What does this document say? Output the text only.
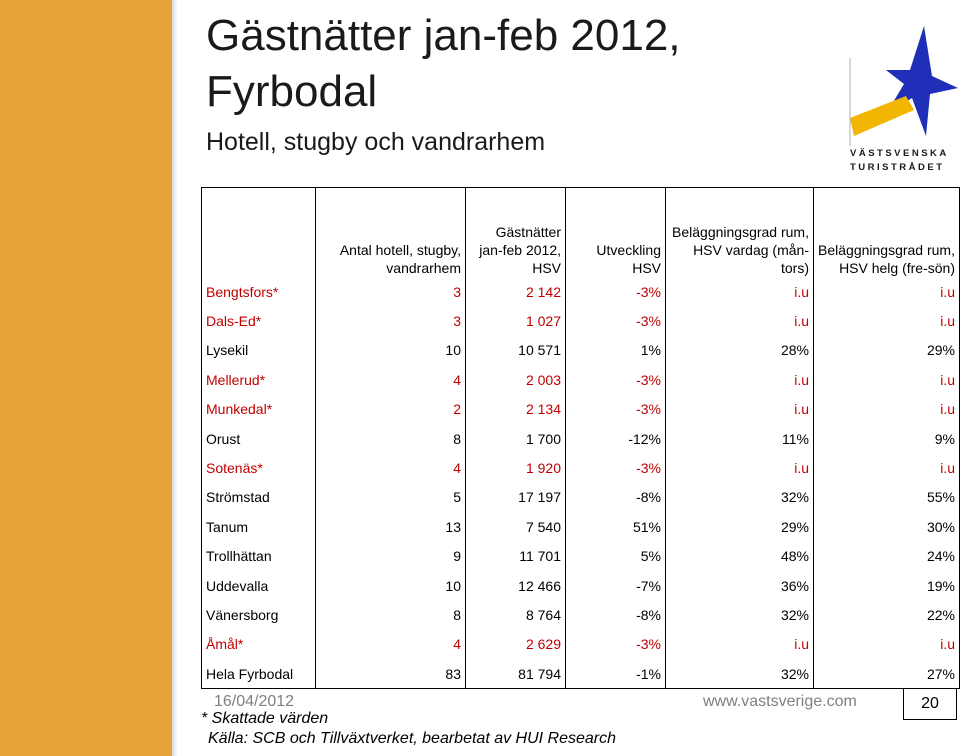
Gästnätter jan-feb 2012, Fyrbodal
Hotell, stugby och vandrarhem	VÄSTSVENSKA
TURISTRÅDET
	Antal hotell, stugby, vandrarhem	Gästnätter jan-feb 2012, HSV	Utveckling HSV	Beläggningsgrad rum, HSV vardag (mån-tors)	Beläggningsgrad rum, HSV helg (fre-sön)
Bengtsfors*	3	2 142	-3%	i.u	i.u
Dals-Ed*	3	1 027	-3%	i.u	i.u
Lysekil	10	10 571	1%	28%	29%
Mellerud*	4	2 003	-3%	i.u	i.u
Munkedal*	2	2 134	-3%	i.u	i.u
Orust	8	1 700	-12%	11%	9%
Sotenäs*	4	1 920	-3%	i.u	i.u
Strömstad	5	17 197	-8%	32%	55%
Tanum	13	7 540	51%	29%	30%
Trollhättan	9	11 701	5%	48%	24%
Uddevalla	10	12 466	-7%	36%	19%
Vänersborg	8	8 764	-8%	32%	22%
Åmål*	4	2 629	-3%	i.u	i.u
Hela Fyrbodal	83	81 794	-1%	32%	27%
16/04/2012	www.vastsverige.com	20
* Skattade värden
Källa: SCB och Tillväxtverket, bearbetat av HUI Research
